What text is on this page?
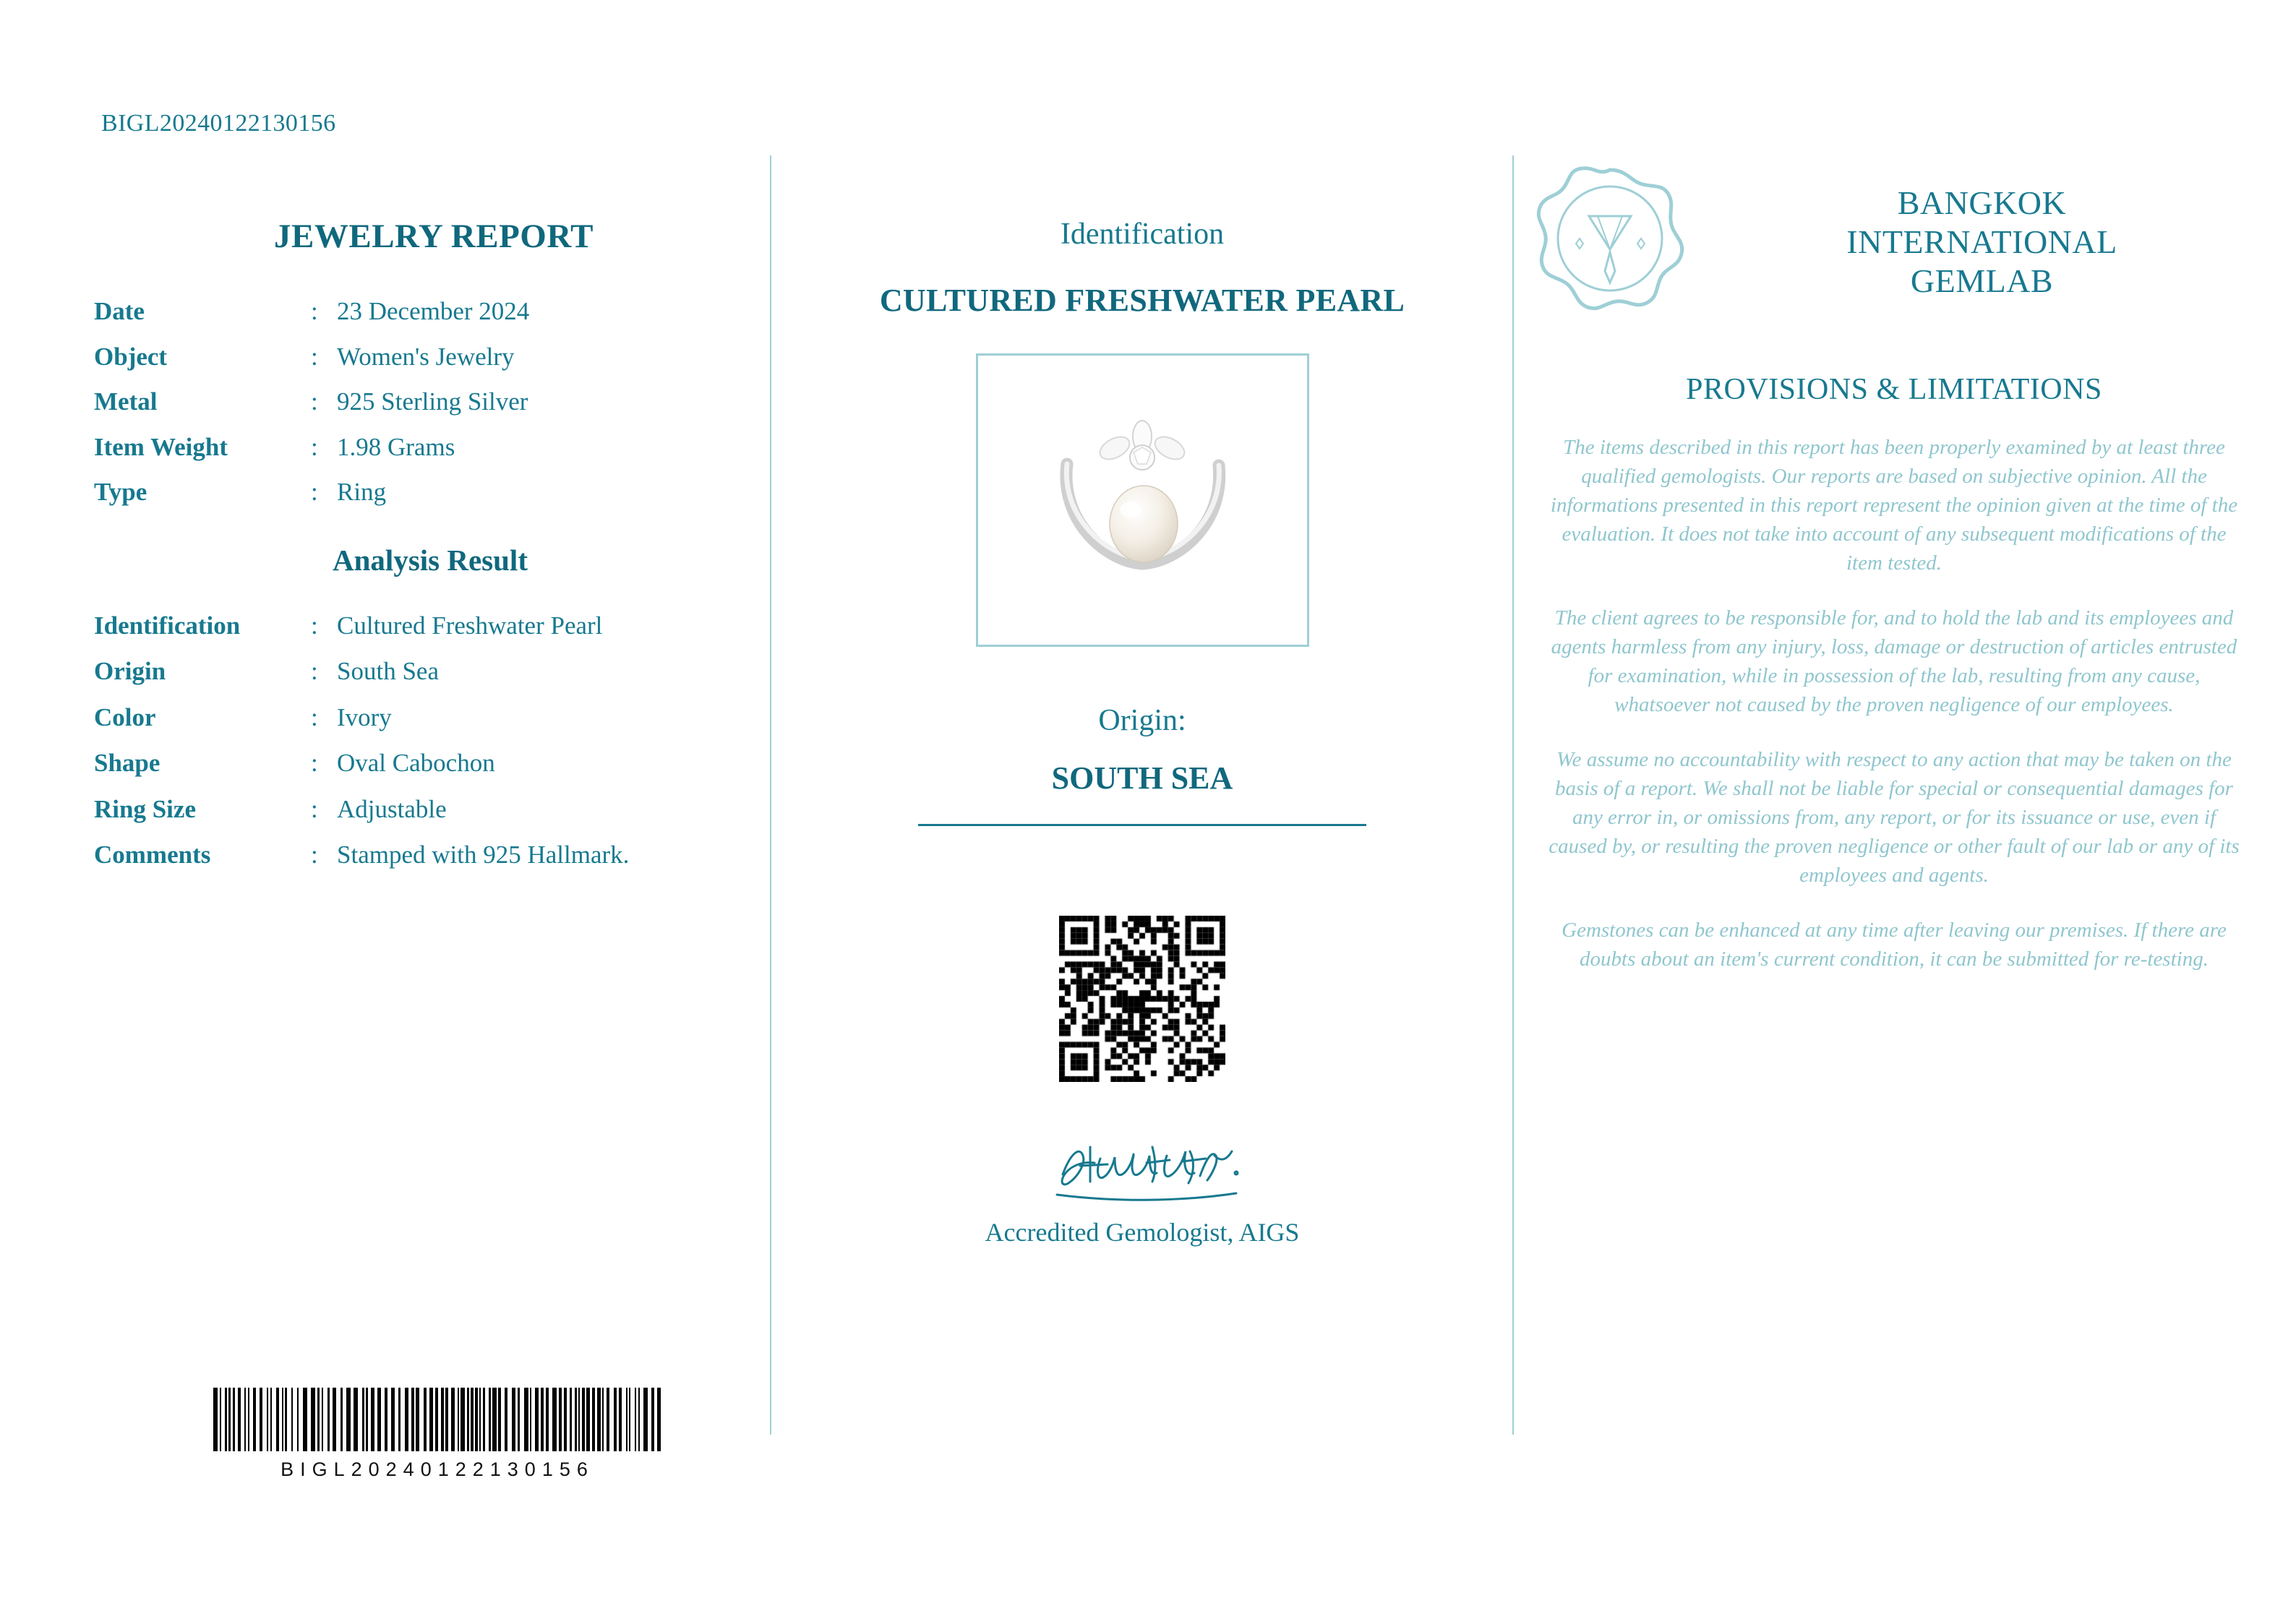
BIGL20240122130156
JEWELRY REPORT
Date	:	23 December 2024
Object	:	Women's Jewelry
Metal	:	925 Sterling Silver
Item Weight	:	1.98 Grams
Type	:	Ring
Analysis Result
Identification	:	Cultured Freshwater Pearl
Origin	:	South Sea
Color	:	Ivory
Shape	:	Oval Cabochon
Ring Size	:	Adjustable
Comments	:	Stamped with 925 Hallmark.
BIGL20240122130156
Identification
CULTURED FRESHWATER PEARL
Origin:
SOUTH SEA
Accredited Gemologist, AIGS
BANGKOK
INTERNATIONAL
GEMLAB
PROVISIONS & LIMITATIONS
The items described in this report has been properly examined by at least three qualified gemologists. Our reports are based on subjective opinion. All the informations presented in this report represent the opinion given at the time of the evaluation. It does not take into account of any subsequent modifications of the item tested.
The client agrees to be responsible for, and to hold the lab and its employees and agents harmless from any injury, loss, damage or destruction of articles entrusted for examination, while in possession of the lab, resulting from any cause, whatsoever not caused by the proven negligence of our employees.
We assume no accountability with respect to any action that may be taken on the basis of a report. We shall not be liable for special or consequential damages for any error in, or omissions from, any report, or for its issuance or use, even if caused by, or resulting the proven negligence or other fault of our lab or any of its employees and agents.
Gemstones can be enhanced at any time after leaving our premises. If there are doubts about an item's current condition, it can be submitted for re-testing.
